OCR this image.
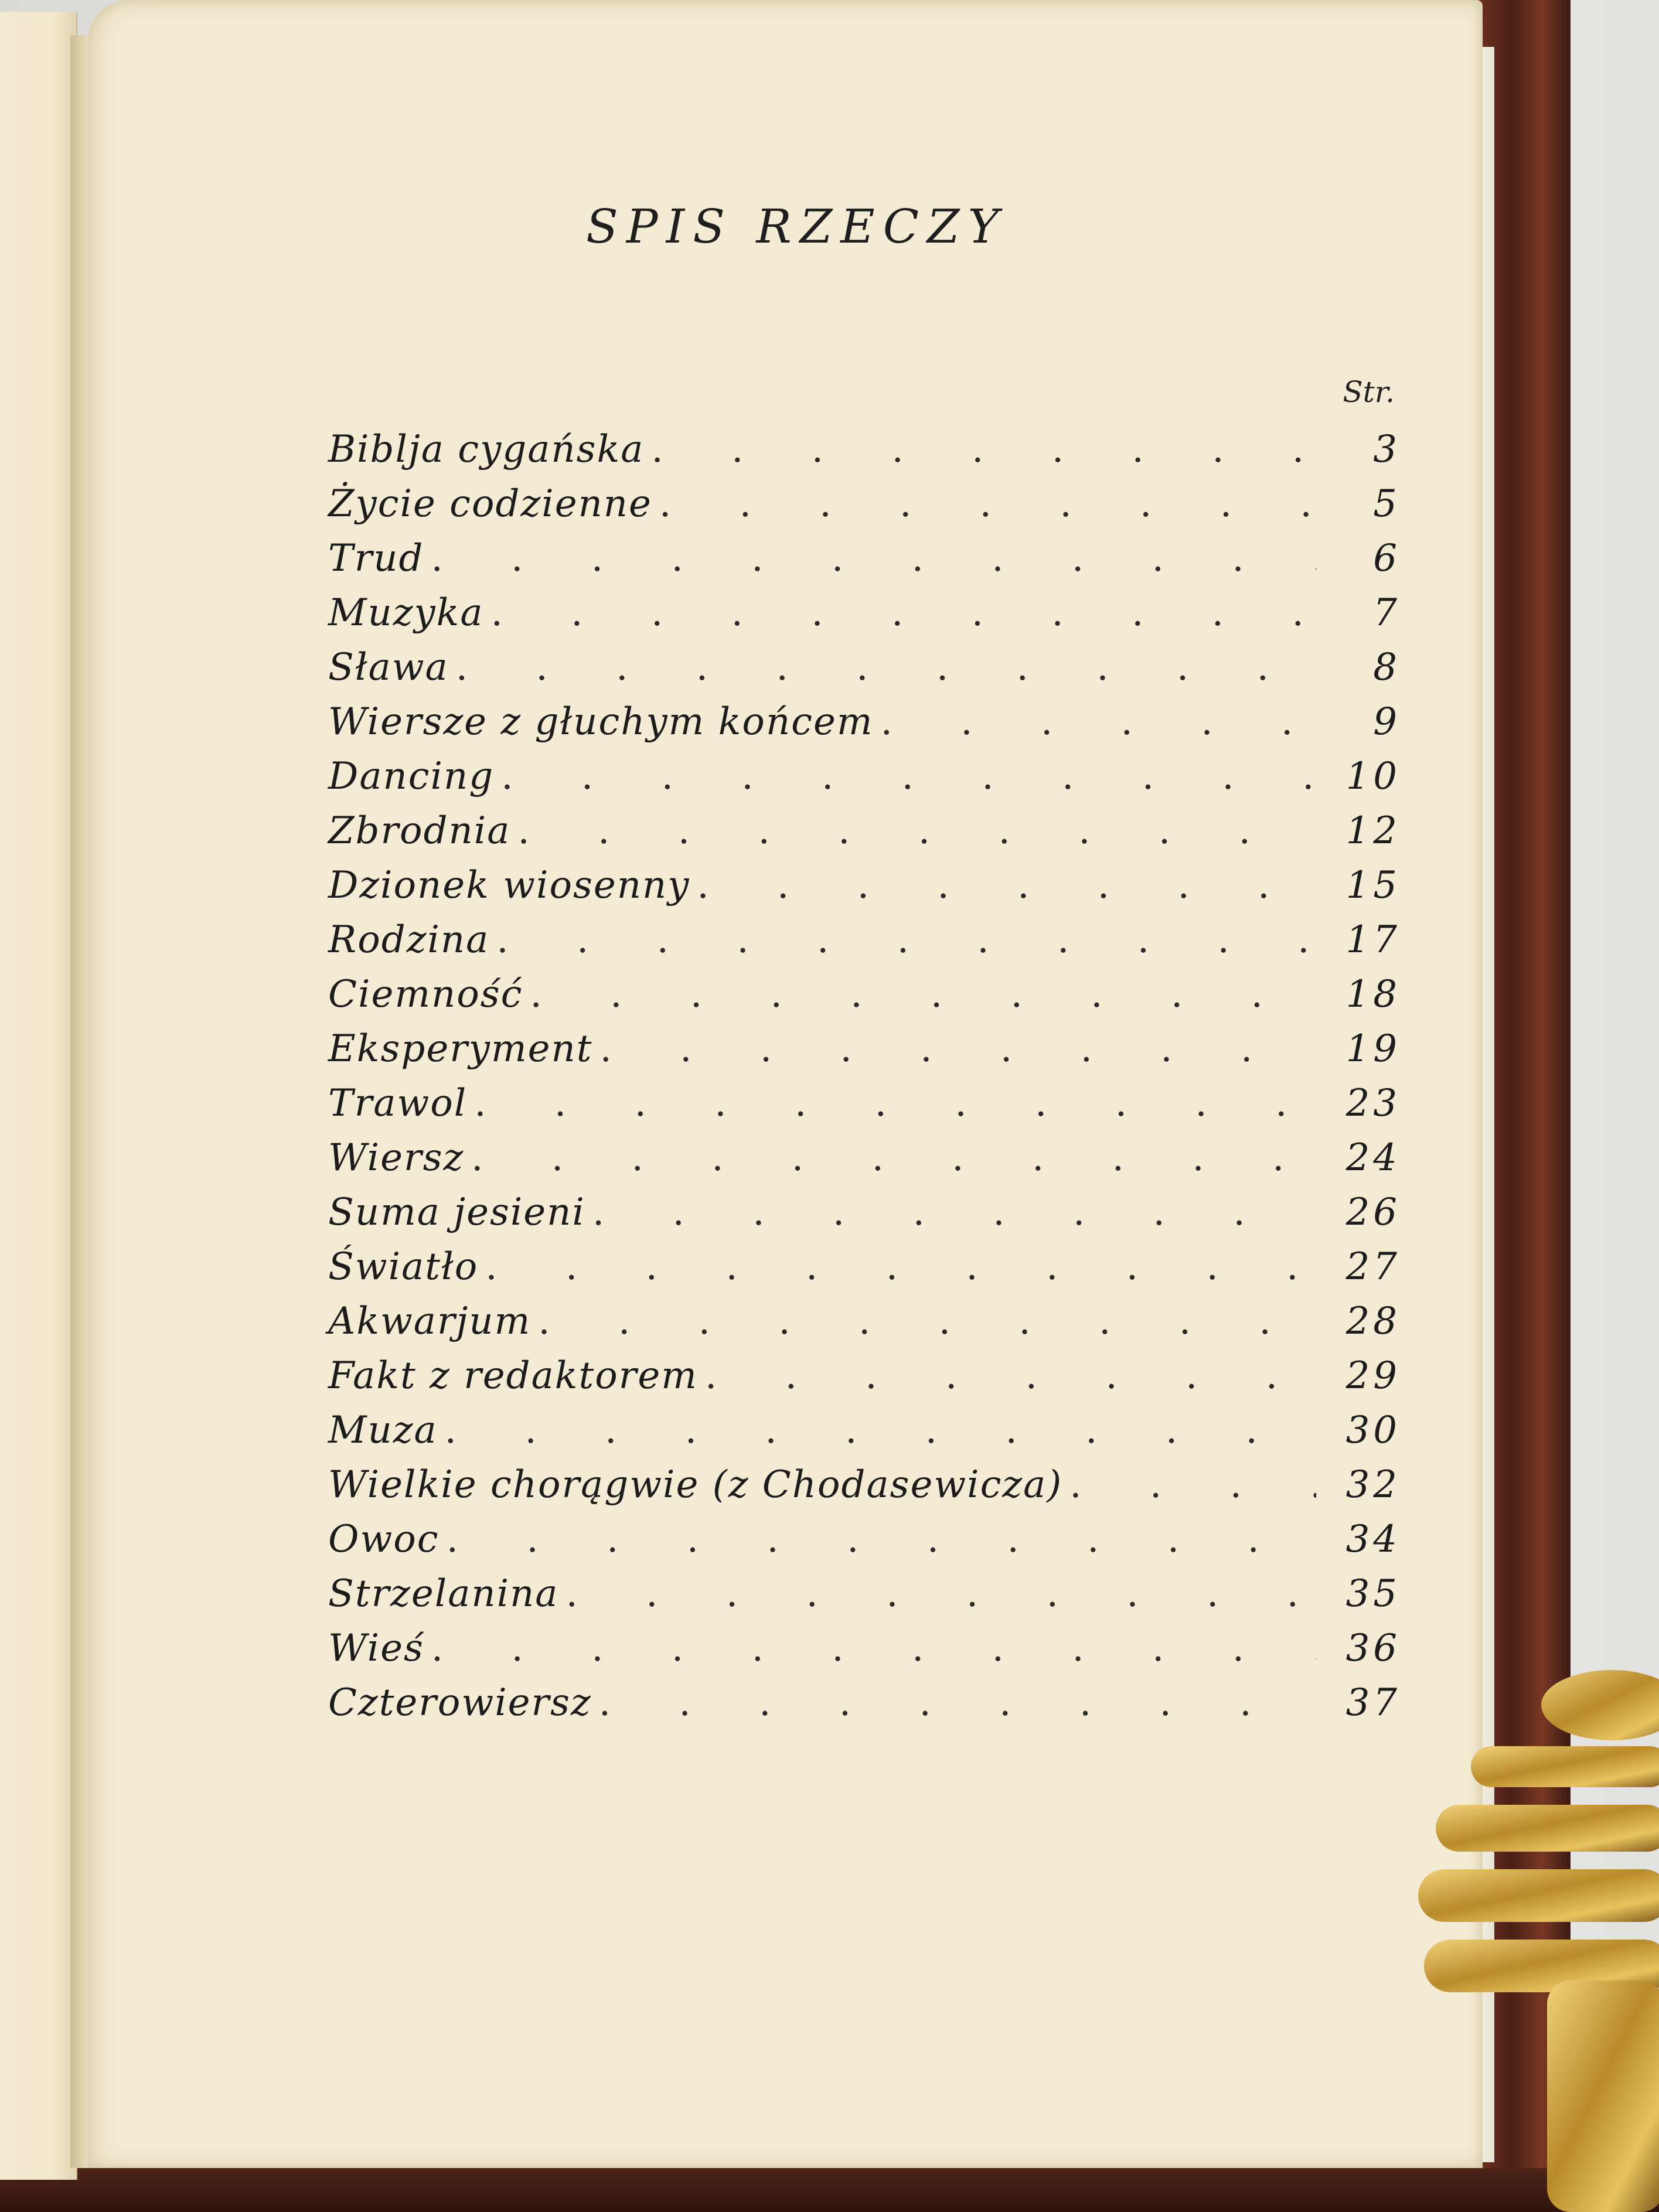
SPIS RZECZY
Str.
Biblja cygańska . . .	3
Życie codzienne . . .	5
Trud . . .	6
Muzyka . . .	7
Sława . . .	8
Wiersze z głuchym końcem . . .	9
Dancing . . .	10
Zbrodnia . . .	12
Dzionek wiosenny . . .	15
Rodzina . . .	17
Ciemność . . .	18
Eksperyment . . .	19
Trawol . . .	23
Wiersz . . .	24
Suma jesieni . . .	26
Światło . . .	27
Akwarjum . . .	28
Fakt z redaktorem . . .	29
Muza . . .	30
Wielkie chorągwie (z Chodasewicza) . . .	32
Owoc . . .	34
Strzelanina . . .	35
Wieś . . .	36
Czterowiersz . . .	37
